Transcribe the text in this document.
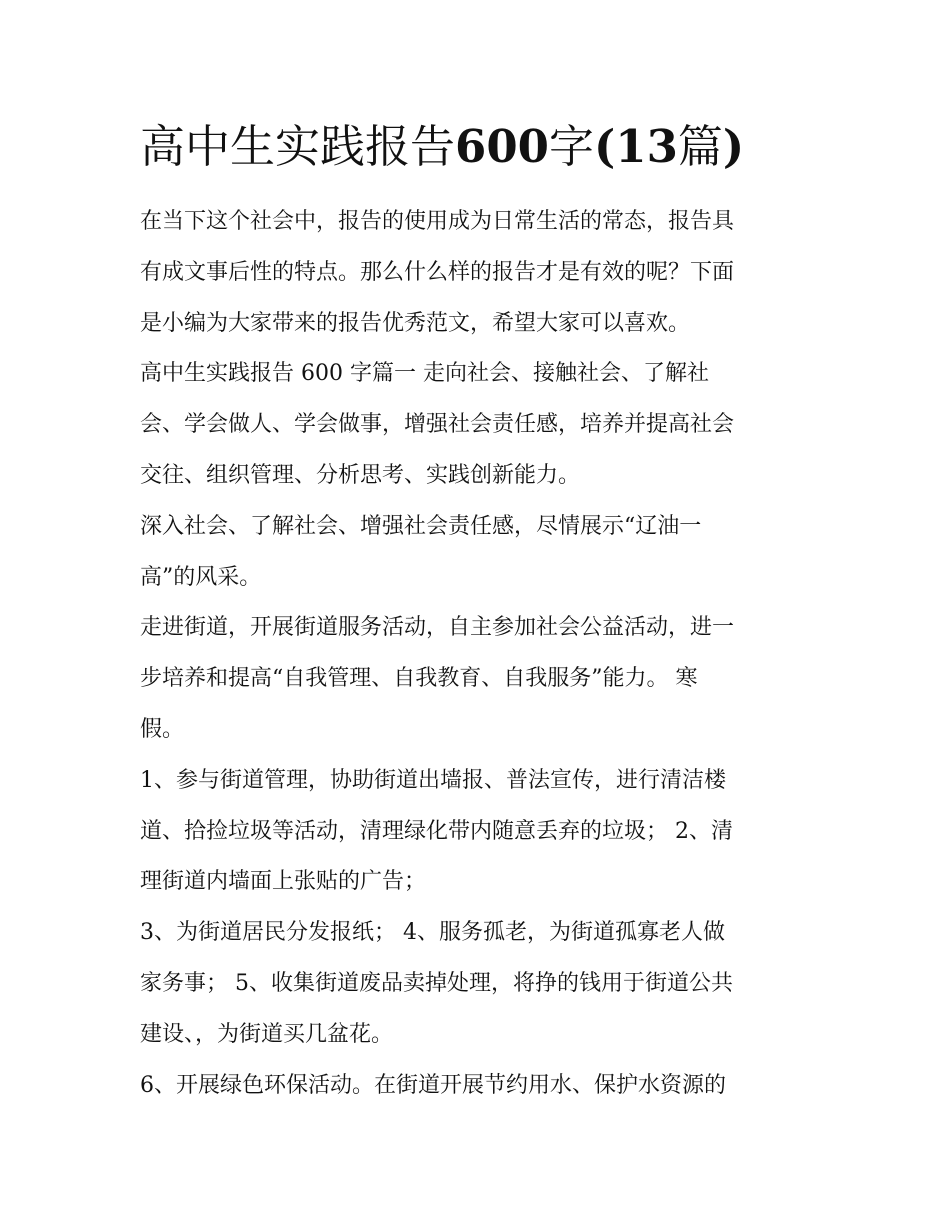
高中生实践报告600字(13篇)

在当下这个社会中，报告的使用成为日常生活的常态，报告具
有成文事后性的特点。那么什么样的报告才是有效的呢？下面
是小编为大家带来的报告优秀范文，希望大家可以喜欢。

高中生实践报告 600 字篇一 走向社会、接触社会、了解社
会、学会做人、学会做事，增强社会责任感，培养并提高社会
交往、组织管理、分析思考、实践创新能力。

深入社会、了解社会、增强社会责任感，尽情展示“辽油一
高”的风采。

走进街道，开展街道服务活动，自主参加社会公益活动，进一
步培养和提高“自我管理、自我教育、自我服务”能力。 寒
假。

1、参与街道管理，协助街道出墙报、普法宣传，进行清洁楼
道、拾捡垃圾等活动，清理绿化带内随意丢弃的垃圾； 2、清
理街道内墙面上张贴的广告；

3、为街道居民分发报纸； 4、服务孤老，为街道孤寡老人做
家务事； 5、收集街道废品卖掉处理，将挣的钱用于街道公共
建设、，为街道买几盆花。

6、开展绿色环保活动。在街道开展节约用水、保护水资源的
